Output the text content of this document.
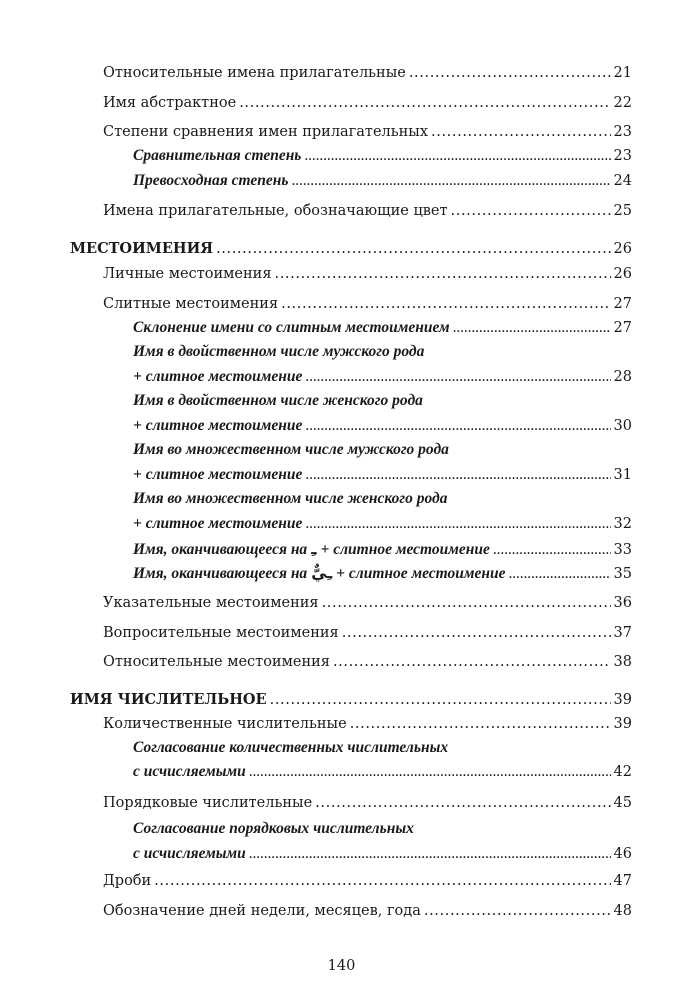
Относительные имена прилагательные . . .	21
Имя абстрактное . . .	22
Степени сравнения имен прилагательных . . .	23
Сравнительная степень . . .	23
Превосходная степень . . .	24
Имена прилагательные, обозначающие цвет . . .	25
МЕСТОИМЕНИЯ . . .	26
Личные местоимения . . .	26
Слитные местоимения . . .	27
Склонение имени со слитным местоимением . . .	27
Имя в двойственном числе мужского рода
+ слитное местоимение . . .	28
Имя в двойственном числе женского рода
+ слитное местоимение . . .	30
Имя во множественном числе мужского рода
+ слитное местоимение . . .	31
Имя во множественном числе женского рода
+ слитное местоимение . . .	32
Имя, оканчивающееся на ـِ + слитное местоимение . . .	33
Имя, оканчивающееся на ـِيٌّ + слитное местоимение . . .	35
Указательные местоимения . . .	36
Вопросительные местоимения . . .	37
Относительные местоимения . . .	38
ИМЯ ЧИСЛИТЕЛЬНОЕ . . .	39
Количественные числительные . . .	39
Согласование количественных числительных
с исчисляемыми . . .	42
Порядковые числительные . . .	45
Согласование порядковых числительных
с исчисляемыми . . .	46
Дроби . . .	47
Обозначение дней недели, месяцев, года . . .	48
140
